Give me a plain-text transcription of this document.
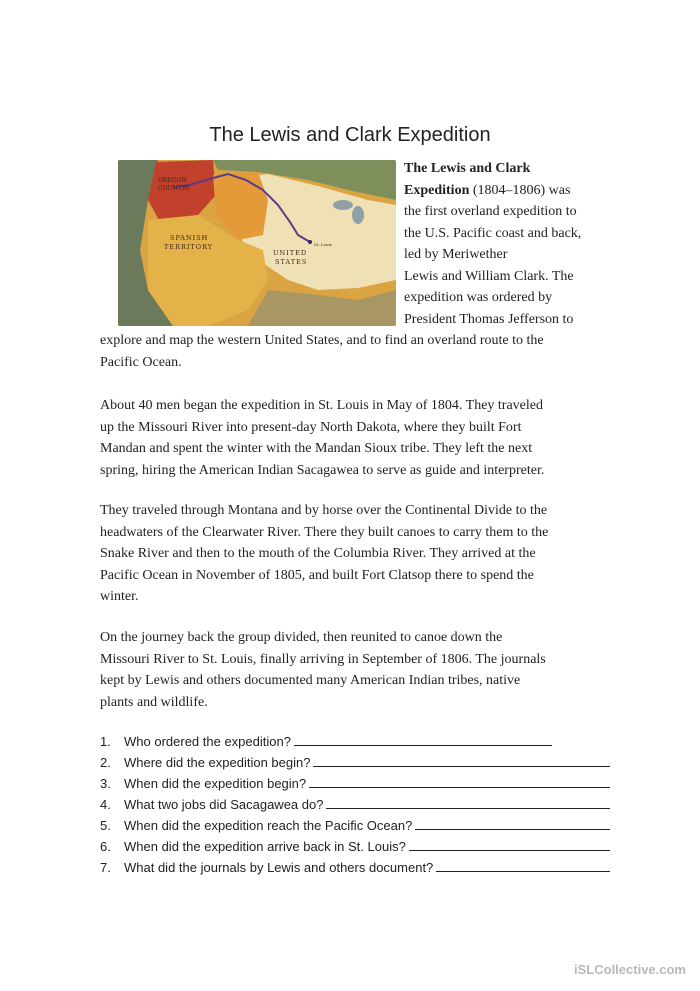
The Lewis and Clark Expedition
OREGON
COUNTRY
SPANISH
TERRITORY
UNITED
STATES
St. Louis
The Lewis and Clark
Expedition (1804–1806) was
the first overland expedition to
the U.S. Pacific coast and back,
led by Meriwether
Lewis and William Clark. The
expedition was ordered by
President Thomas Jefferson to
explore and map the western United States, and to find an overland route to the
Pacific Ocean.
About 40 men began the expedition in St. Louis in May of 1804. They traveled
up the Missouri River into present-day North Dakota, where they built Fort
Mandan and spent the winter with the Mandan Sioux tribe. They left the next
spring, hiring the American Indian Sacagawea to serve as guide and interpreter.
They traveled through Montana and by horse over the Continental Divide to the
headwaters of the Clearwater River. There they built canoes to carry them to the
Snake River and then to the mouth of the Columbia River. They arrived at the
Pacific Ocean in November of 1805, and built Fort Clatsop there to spend the
winter.
On the journey back the group divided, then reunited to canoe down the
Missouri River to St. Louis, finally arriving in September of 1806. The journals
kept by Lewis and others documented many American Indian tribes, native
plants and wildlife.
1.	Who ordered the expedition?
2.	Where did the expedition begin?
3.	When did the expedition begin?
4.	What two jobs did Sacagawea do?
5.	When did the expedition reach the Pacific Ocean?
6.	When did the expedition arrive back in St. Louis?
7.	What did the journals by Lewis and others document?
iSLCollective.com
